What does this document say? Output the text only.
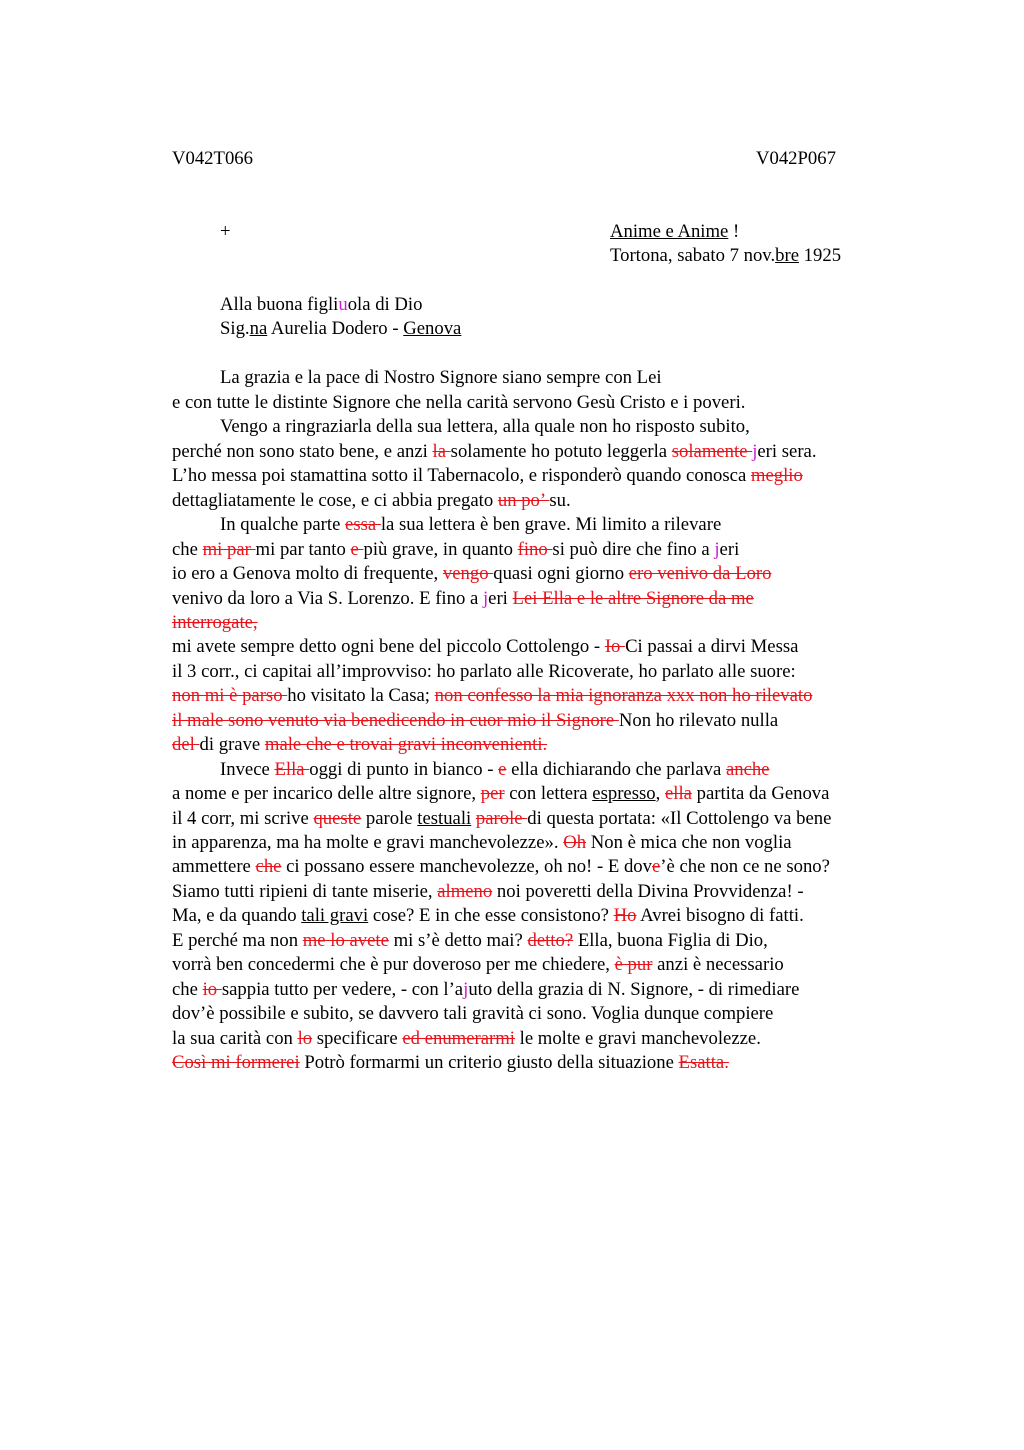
V042T066	V042P067
+	Anime e Anime !
Tortona, sabato 7 nov.bre 1925
Alla buona figliuola di Dio
Sig.na Aurelia Dodero - Genova
La grazia e la pace di Nostro Signore siano sempre con Lei
e con tutte le distinte Signore che nella carità servono Gesù Cristo e i poveri.
Vengo a ringraziarla della sua lettera, alla quale non ho risposto subito,
perché non sono stato bene, e anzi la solamente ho potuto leggerla solamente jeri sera.
L’ho messa poi stamattina sotto il Tabernacolo, e risponderò quando conosca meglio
dettagliatamente le cose, e ci abbia pregato un po’ su.
In qualche parte essa la sua lettera è ben grave. Mi limito a rilevare
che mi par mi par tanto e più grave, in quanto fino si può dire che fino a jeri
io ero a Genova molto di frequente, vengo quasi ogni giorno ero venivo da Loro
venivo da loro a Via S. Lorenzo. E fino a jeri Lei Ella e le altre Signore da me
interrogate,
mi avete sempre detto ogni bene del piccolo Cottolengo - Io Ci passai a dirvi Messa
il 3 corr., ci capitai all’improvviso: ho parlato alle Ricoverate, ho parlato alle suore:
non mi è parso ho visitato la Casa; non confesso la mia ignoranza xxx non ho rilevato
il male sono venuto via benedicendo in cuor mio il Signore Non ho rilevato nulla
del di grave male che e trovai gravi inconvenienti.
Invece Ella oggi di punto in bianco - e ella dichiarando che parlava anche
a nome e per incarico delle altre signore, per con lettera espresso, ella partita da Genova
il 4 corr, mi scrive queste parole testuali parole di questa portata: «Il Cottolengo va bene
in apparenza, ma ha molte e gravi manchevolezze». Oh Non è mica che non voglia
ammettere che ci possano essere manchevolezze, oh no! - E dove’è che non ce ne sono?
Siamo tutti ripieni di tante miserie, almeno noi poveretti della Divina Provvidenza! -
Ma, e da quando tali gravi cose? E in che esse consistono? Ho Avrei bisogno di fatti.
E perché ma non me lo avete mi s’è detto mai? detto? Ella, buona Figlia di Dio,
vorrà ben concedermi che è pur doveroso per me chiedere, è pur anzi è necessario
che io sappia tutto per vedere, - con l’ajuto della grazia di N. Signore, - di rimediare
dov’è possibile e subito, se davvero tali gravità ci sono. Voglia dunque compiere
la sua carità con lo specificare ed enumerarmi le molte e gravi manchevolezze.
Così mi formerei Potrò formarmi un criterio giusto della situazione Esatta.
